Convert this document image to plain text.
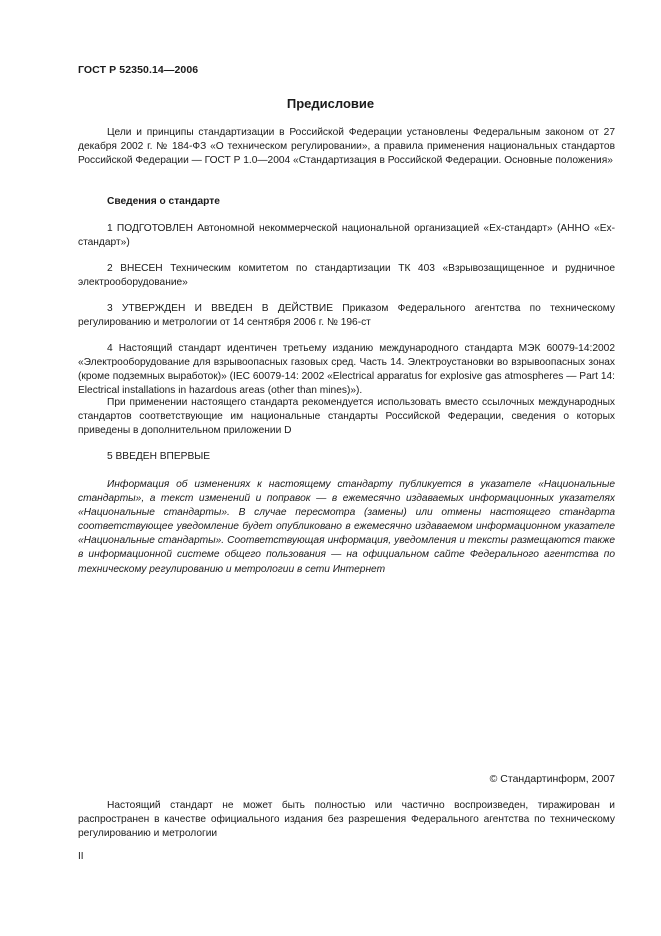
ГОСТ Р 52350.14—2006
Предисловие
Цели и принципы стандартизации в Российской Федерации установлены Федеральным законом от 27 декабря 2002 г. № 184-ФЗ «О техническом регулировании», а правила применения национальных стандартов Российской Федерации — ГОСТ Р 1.0—2004 «Стандартизация в Российской Федерации. Основные положения»
Сведения о стандарте
1 ПОДГОТОВЛЕН Автономной некоммерческой национальной организацией «Ех-стандарт» (АННО «Ех-стандарт»)
2 ВНЕСЕН Техническим комитетом по стандартизации ТК 403 «Взрывозащищенное и рудничное электрооборудование»
3 УТВЕРЖДЕН И ВВЕДЕН В ДЕЙСТВИЕ Приказом Федерального агентства по техническому регулированию и метрологии от 14 сентября 2006 г. № 196-ст
4 Настоящий стандарт идентичен третьему изданию международного стандарта МЭК 60079-14:2002 «Электрооборудование для взрывоопасных газовых сред. Часть 14. Электроустановки во взрывоопасных зонах (кроме подземных выработок)» (IEC 60079-14: 2002 «Electrical apparatus for explosive gas atmospheres — Part 14: Electrical installations in hazardous areas (other than mines)»).
При применении настоящего стандарта рекомендуется использовать вместо ссылочных международных стандартов соответствующие им национальные стандарты Российской Федерации, сведения о которых приведены в дополнительном приложении D
5 ВВЕДЕН ВПЕРВЫЕ
Информация об изменениях к настоящему стандарту публикуется в указателе «Национальные стандарты», а текст изменений и поправок — в ежемесячно издаваемых информационных указателях «Национальные стандарты». В случае пересмотра (замены) или отмены настоящего стандарта соответствующее уведомление будет опубликовано в ежемесячно издаваемом информационном указателе «Национальные стандарты». Соответствующая информация, уведомления и тексты размещаются также в информационной системе общего пользования — на официальном сайте Федерального агентства по техническому регулированию и метрологии в сети Интернет
© Стандартинформ, 2007
Настоящий стандарт не может быть полностью или частично воспроизведен, тиражирован и распространен в качестве официального издания без разрешения Федерального агентства по техническому регулированию и метрологии
II
